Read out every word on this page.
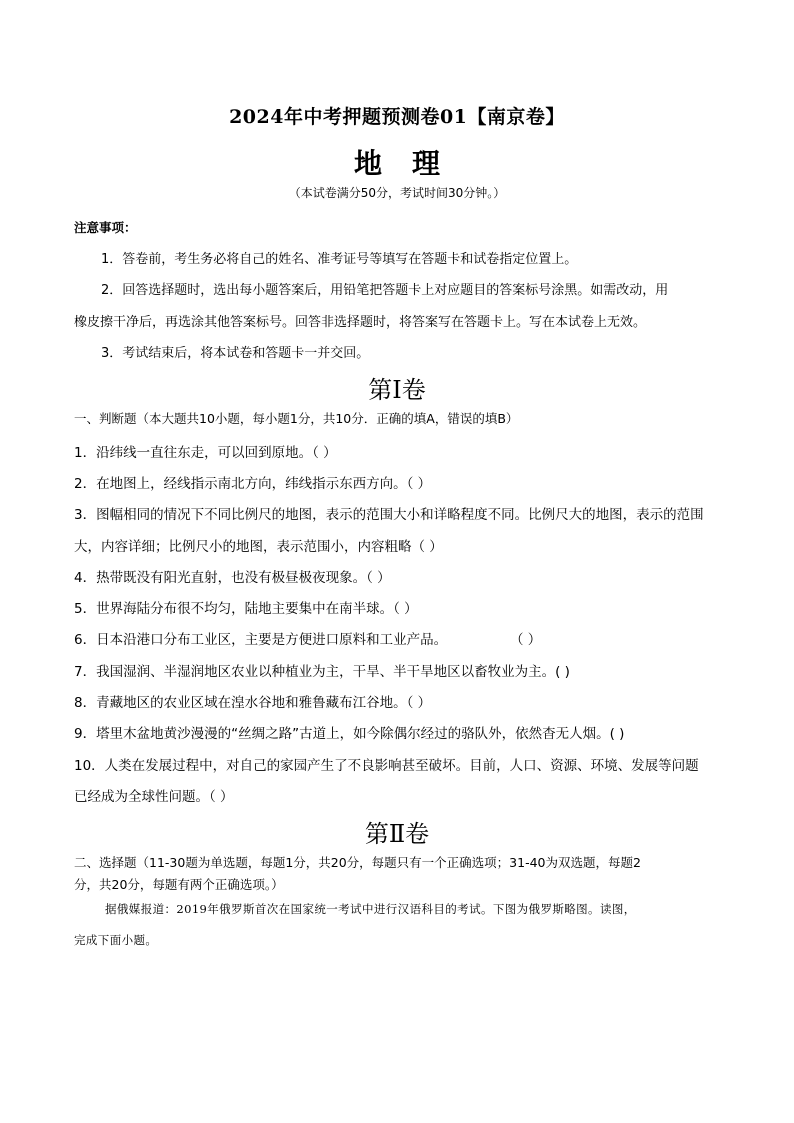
2024年中考押题预测卷01【南京卷】
地理
（本试卷满分50分，考试时间30分钟。）
注意事项：
1．答卷前，考生务必将自己的姓名、准考证号等填写在答题卡和试卷指定位置上。
2．回答选择题时，选出每小题答案后，用铅笔把答题卡上对应题目的答案标号涂黑。如需改动，用
橡皮擦干净后，再选涂其他答案标号。回答非选择题时，将答案写在答题卡上。写在本试卷上无效。
3．考试结束后，将本试卷和答题卡一并交回。
第Ⅰ卷
一、判断题（本大题共10小题，每小题1分，共10分．正确的填A，错误的填B）
1．沿纬线一直往东走，可以回到原地。（ ）
2．在地图上，经线指示南北方向，纬线指示东西方向。（ ）
3．图幅相同的情况下不同比例尺的地图，表示的范围大小和详略程度不同。比例尺大的地图，表示的范围
大，内容详细；比例尺小的地图，表示范围小，内容粗略（ ）
4．热带既没有阳光直射，也没有极昼极夜现象。（ ）
5．世界海陆分布很不均匀，陆地主要集中在南半球。（ ）
6．日本沿港口分布工业区，主要是方便进口原料和工业产品。	（ ）
7．我国湿润、半湿润地区农业以种植业为主，干旱、半干旱地区以畜牧业为主。( )
8．青藏地区的农业区域在湟水谷地和雅鲁藏布江谷地。（ ）
9．塔里木盆地黄沙漫漫的“丝绸之路”古道上，如今除偶尔经过的骆队外，依然杳无人烟。( )
10．人类在发展过程中，对自己的家园产生了不良影响甚至破坏。目前，人口、资源、环境、发展等问题
已经成为全球性问题。（ ）
第Ⅱ卷
二、选择题（11-30题为单选题，每题1分，共20分，每题只有一个正确选项；31-40为双选题，每题2
分，共20分，每题有两个正确选项。）
据俄媒报道：2019年俄罗斯首次在国家统一考试中进行汉语科目的考试。下图为俄罗斯略图。读图，
完成下面小题。
